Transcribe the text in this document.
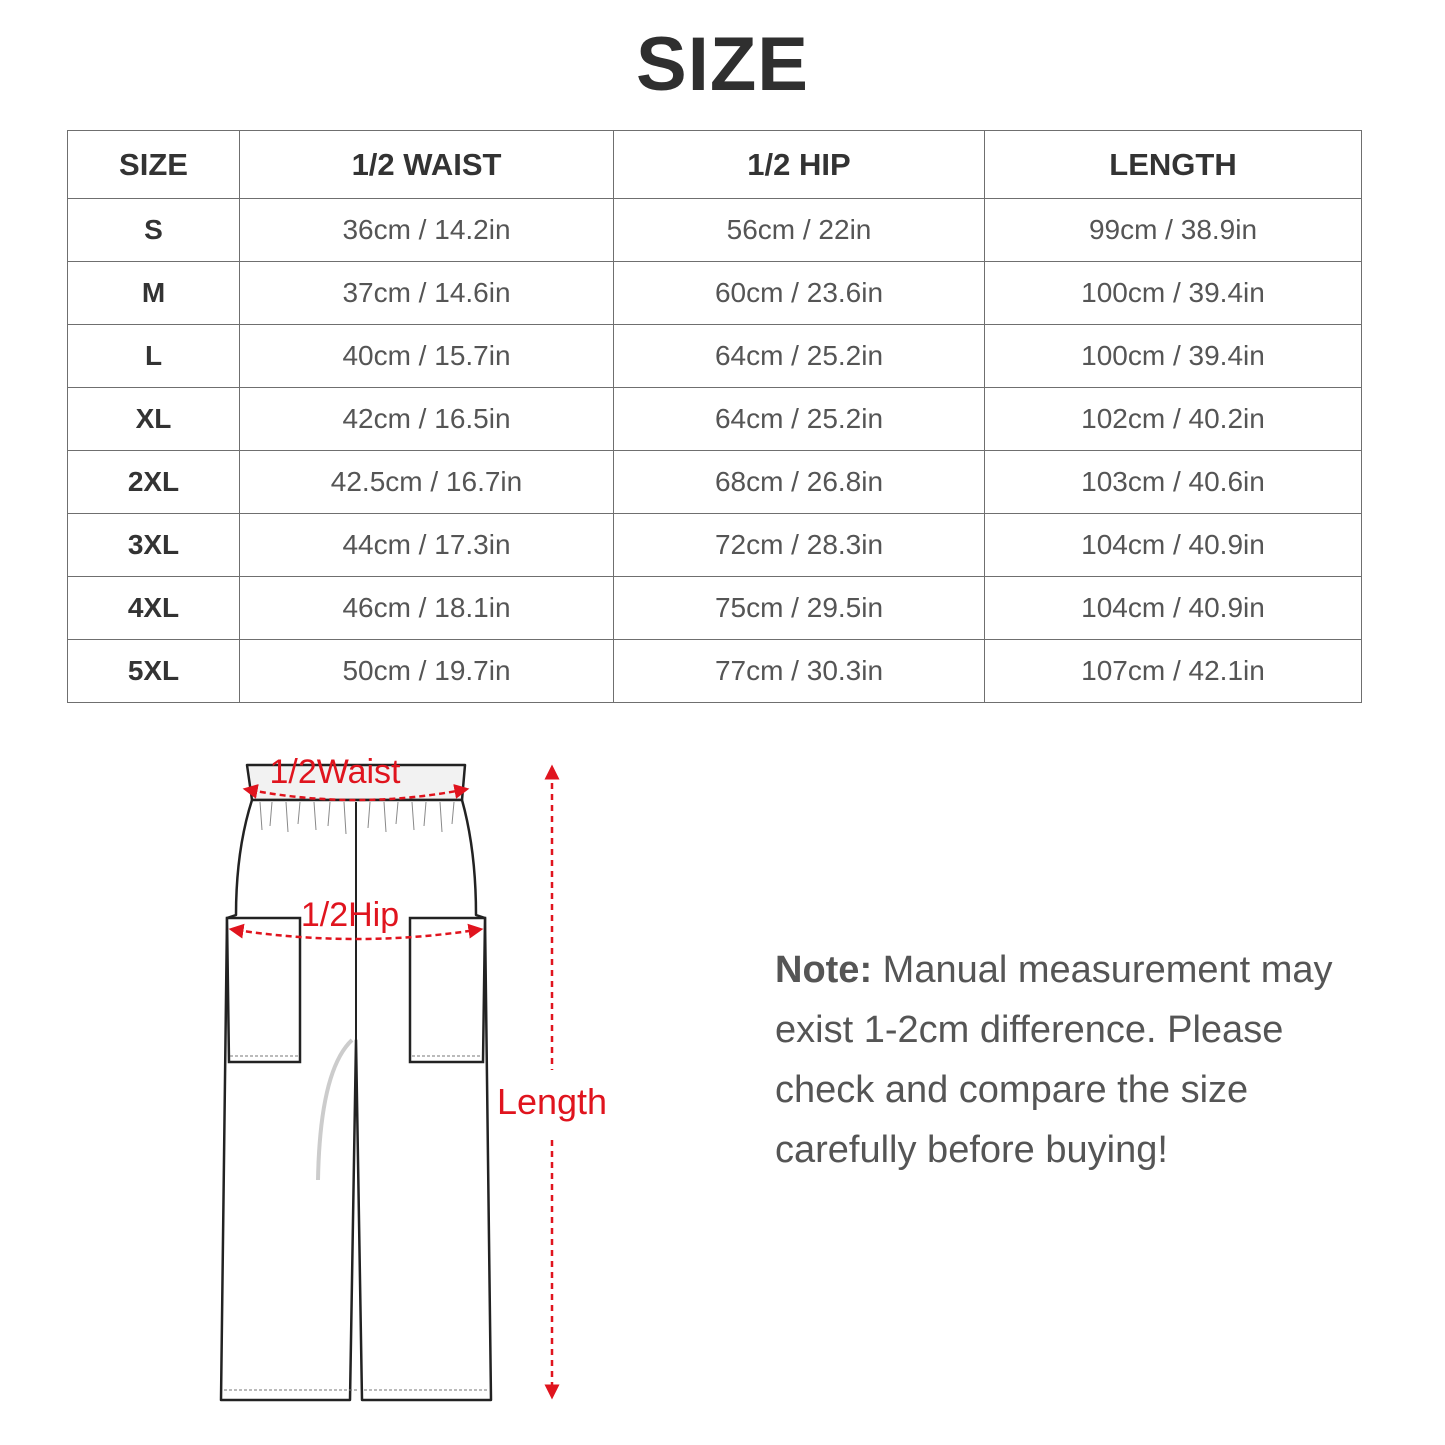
SIZE
SIZE	1/2 WAIST	1/2 HIP	LENGTH
S	36cm / 14.2in	56cm / 22in	99cm / 38.9in
M	37cm / 14.6in	60cm / 23.6in	100cm / 39.4in
L	40cm / 15.7in	64cm / 25.2in	100cm / 39.4in
XL	42cm / 16.5in	64cm / 25.2in	102cm / 40.2in
2XL	42.5cm / 16.7in	68cm / 26.8in	103cm / 40.6in
3XL	44cm / 17.3in	72cm / 28.3in	104cm / 40.9in
4XL	46cm / 18.1in	75cm / 29.5in	104cm / 40.9in
5XL	50cm / 19.7in	77cm / 30.3in	107cm / 42.1in
1/2Waist
1/2Hip
Length
Note: Manual measurement may exist 1-2cm difference. Please check and compare the size carefully before buying!
